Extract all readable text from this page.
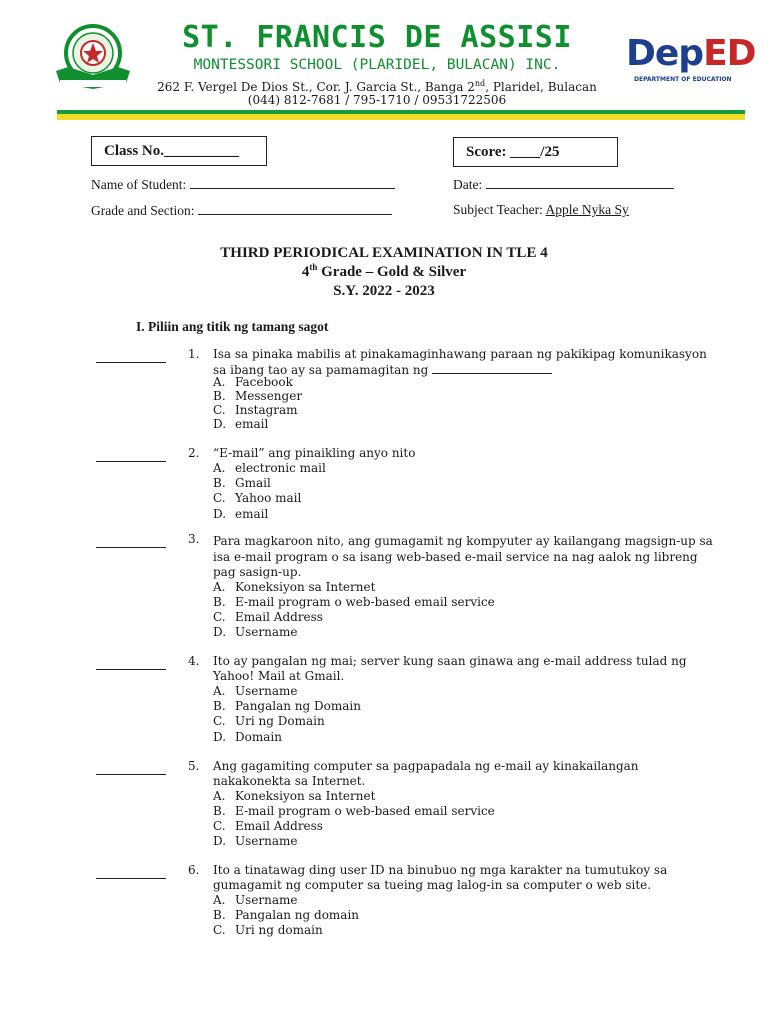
ST. FRANCIS DE ASSISI
MONTESSORI SCHOOL (PLARIDEL, BULACAN) INC.
262 F. Vergel De Dios St., Cor. J. Garcia St., Banga 2nd, Plaridel, Bulacan
(044) 812-7681 / 795-1710 / 09531722506
DepED
DEPARTMENT OF EDUCATION
Class No.__________	Score: ____/25
Name of Student:	Date:
Grade and Section:	Subject Teacher: Apple Nyka Sy
THIRD PERIODICAL EXAMINATION IN TLE 4
4th Grade – Gold & Silver
S.Y. 2022 - 2023
I. Piliin ang titik ng tamang sagot
1. Isa sa pinaka mabilis at pinakamaginhawang paraan ng pakikipag komunikasyon
sa ibang tao ay sa pamamagitan ng
A. Facebook
B. Messenger
C. Instagram
D. email
2. “E-mail” ang pinaikling anyo nito
A. electronic mail
B. Gmail
C. Yahoo mail
D. email
3. Para magkaroon nito, ang gumagamit ng kompyuter ay kailangang magsign-up sa
isa e-mail program o sa isang web-based e-mail service na nag aalok ng libreng
pag sasign-up.
A. Koneksiyon sa Internet
B. E-mail program o web-based email service
C. Email Address
D. Username
4. Ito ay pangalan ng mai; server kung saan ginawa ang e-mail address tulad ng
Yahoo! Mail at Gmail.
A. Username
B. Pangalan ng Domain
C. Uri ng Domain
D. Domain
5. Ang gagamiting computer sa pagpapadala ng e-mail ay kinakailangan
nakakonekta sa Internet.
A. Koneksiyon sa Internet
B. E-mail program o web-based email service
C. Email Address
D. Username
6. Ito a tinatawag ding user ID na binubuo ng mga karakter na tumutukoy sa
gumagamit ng computer sa tueing mag lalog-in sa computer o web site.
A. Username
B. Pangalan ng domain
C. Uri ng domain
